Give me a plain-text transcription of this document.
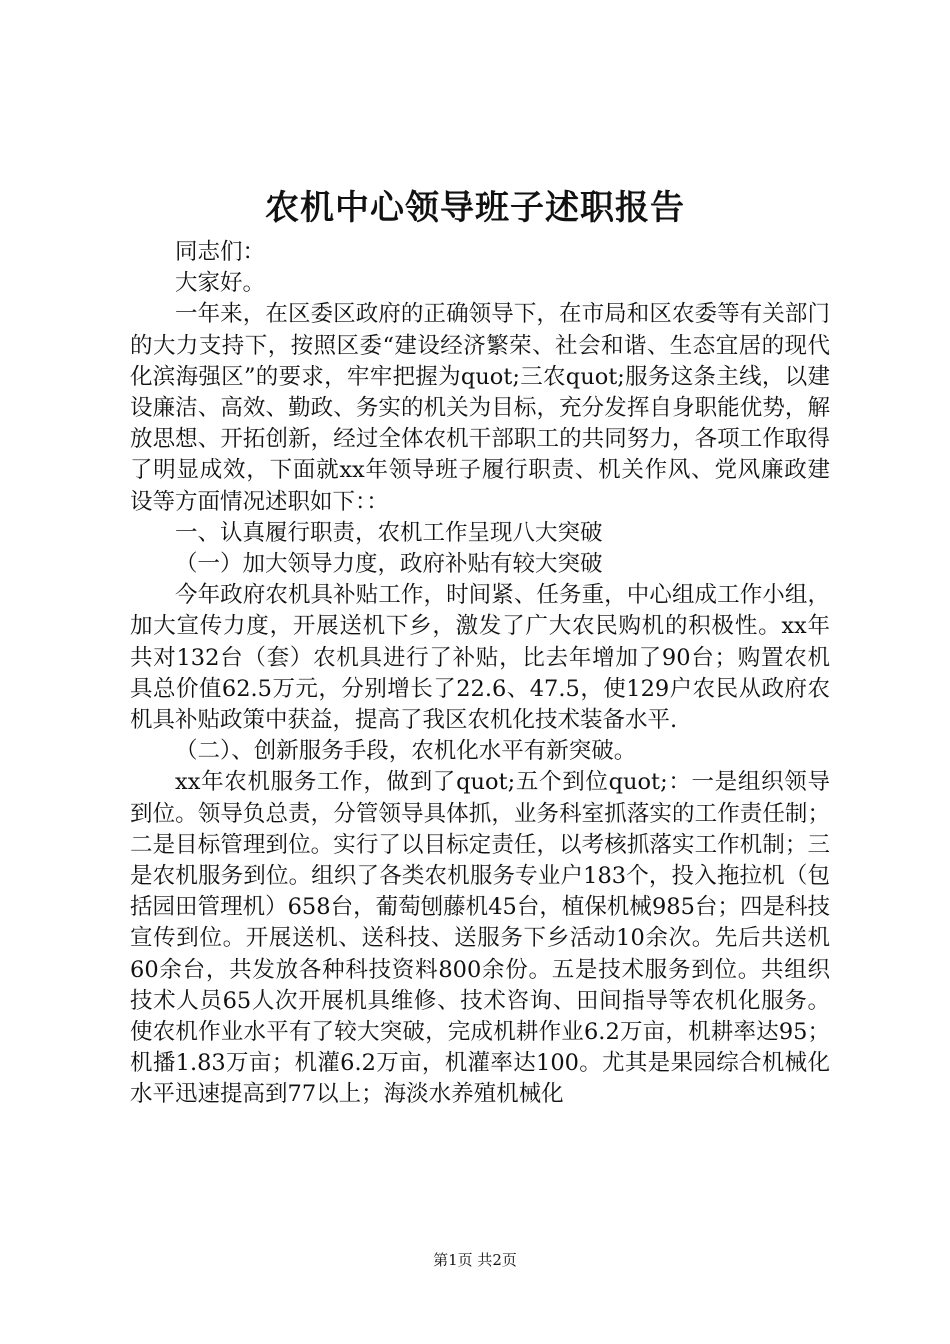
农机中心领导班子述职报告

同志们：

大家好。

一年来，在区委区政府的正确领导下，在市局和区农委等有关部门的大力支持下，按照区委“建设经济繁荣、社会和谐、生态宜居的现代化滨海强区”的要求，牢牢把握为quot;三农quot;服务这条主线，以建设廉洁、高效、勤政、务实的机关为目标，充分发挥自身职能优势，解放思想、开拓创新，经过全体农机干部职工的共同努力，各项工作取得了明显成效，下面就xx年领导班子履行职责、机关作风、党风廉政建设等方面情况述职如下：：

一、认真履行职责，农机工作呈现八大突破

（一）加大领导力度，政府补贴有较大突破

今年政府农机具补贴工作，时间紧、任务重，中心组成工作小组，加大宣传力度，开展送机下乡，激发了广大农民购机的积极性。xx年共对132台（套）农机具进行了补贴，比去年增加了90台；购置农机具总价值62.5万元，分别增长了22.6、47.5，使129户农民从政府农机具补贴政策中获益，提高了我区农机化技术装备水平.

（二）、创新服务手段，农机化水平有新突破。

xx年农机服务工作，做到了quot;五个到位quot;：一是组织领导到位。领导负总责，分管领导具体抓，业务科室抓落实的工作责任制；二是目标管理到位。实行了以目标定责任，以考核抓落实工作机制；三是农机服务到位。组织了各类农机服务专业户183个，投入拖拉机（包括园田管理机）658台，葡萄刨藤机45台，植保机械985台；四是科技宣传到位。开展送机、送科技、送服务下乡活动10余次。先后共送机60余台，共发放各种科技资料800余份。五是技术服务到位。共组织技术人员65人次开展机具维修、技术咨询、田间指导等农机化服务。使农机作业水平有了较大突破，完成机耕作业6.2万亩，机耕率达95；机播1.83万亩；机灌6.2万亩，机灌率达100。尤其是果园综合机械化水平迅速提高到77以上；海淡水养殖机械化

第1页 共2页
